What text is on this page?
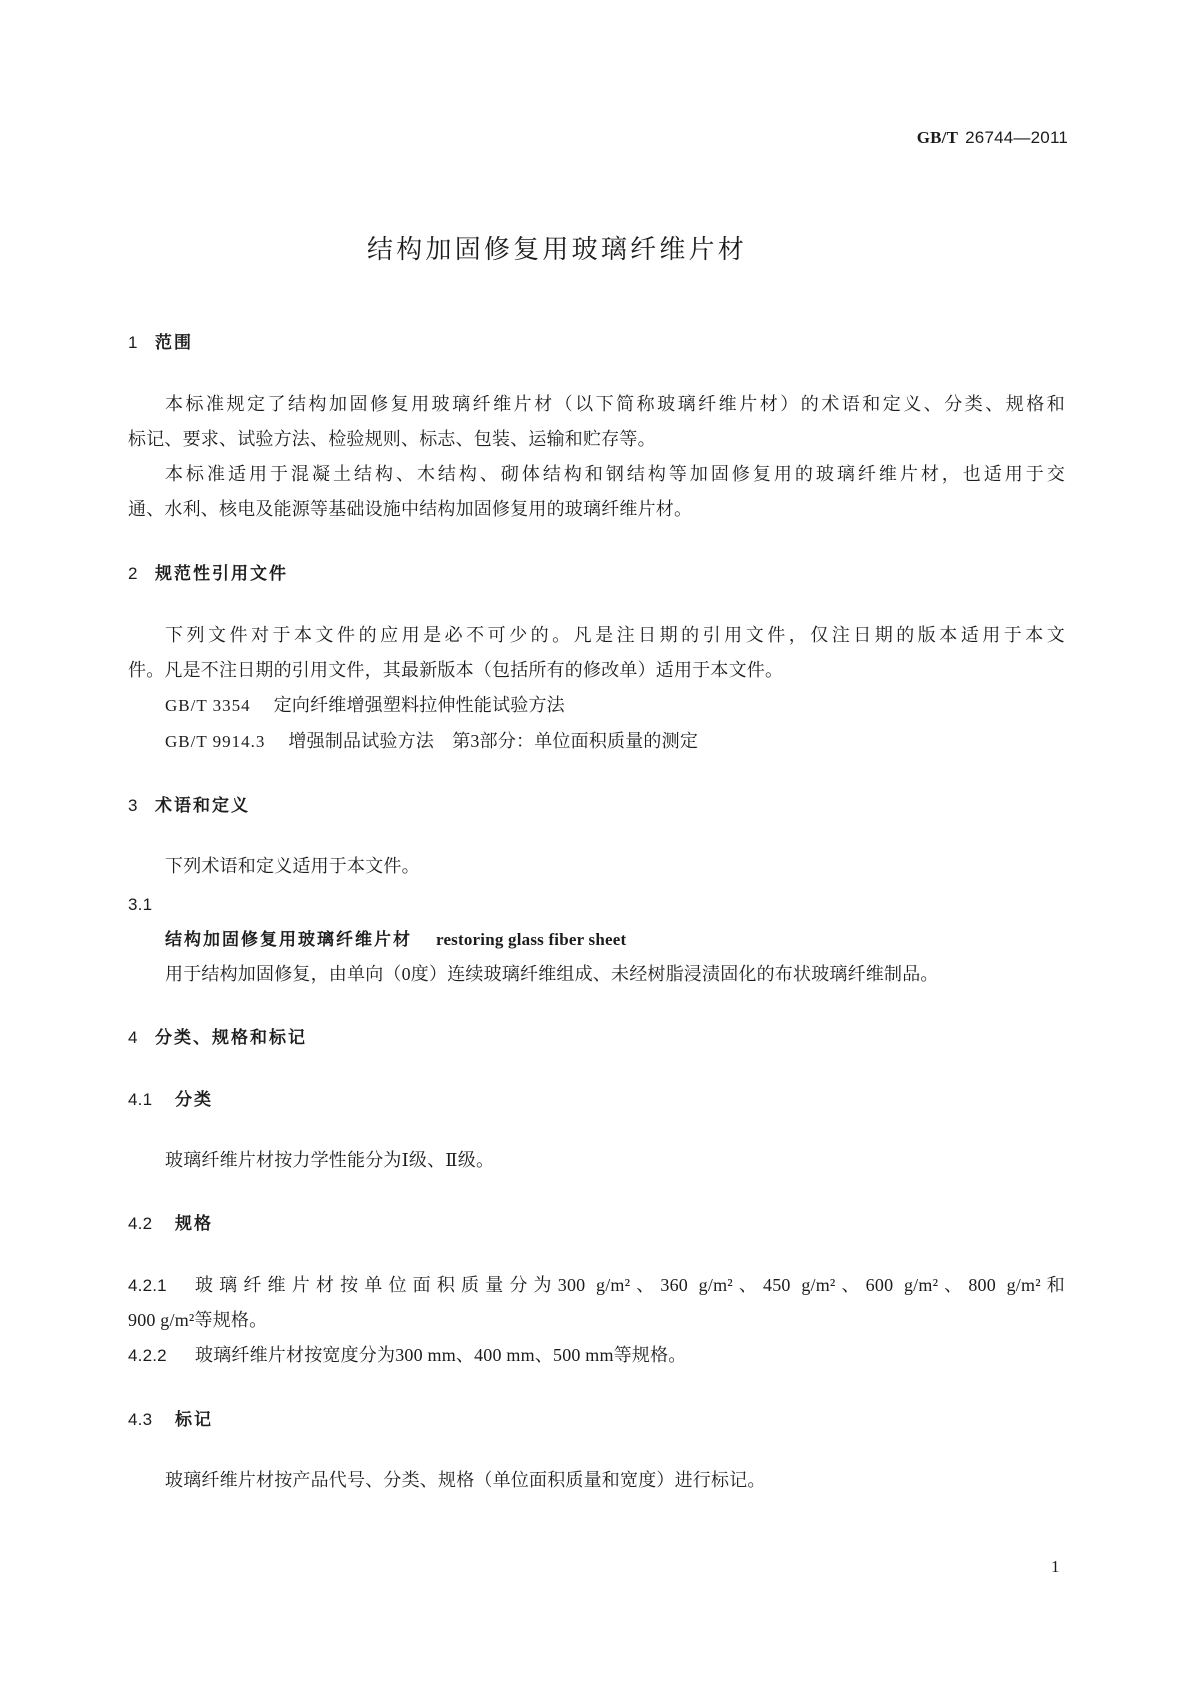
GB/T 26744—2011
结构加固修复用玻璃纤维片材
1 范围
本标准规定了结构加固修复用玻璃纤维片材（以下简称玻璃纤维片材）的术语和定义、分类、规格和
标记、要求、试验方法、检验规则、标志、包装、运输和贮存等。
本标准适用于混凝土结构、木结构、砌体结构和钢结构等加固修复用的玻璃纤维片材，也适用于交
通、水利、核电及能源等基础设施中结构加固修复用的玻璃纤维片材。
2 规范性引用文件
下列文件对于本文件的应用是必不可少的。凡是注日期的引用文件，仅注日期的版本适用于本文
件。凡是不注日期的引用文件，其最新版本（包括所有的修改单）适用于本文件。
GB/T 3354 定向纤维增强塑料拉伸性能试验方法
GB/T 9914.3 增强制品试验方法　第3部分：单位面积质量的测定
3 术语和定义
下列术语和定义适用于本文件。
3.1
结构加固修复用玻璃纤维片材 restoring glass fiber sheet
用于结构加固修复，由单向（0度）连续玻璃纤维组成、未经树脂浸渍固化的布状玻璃纤维制品。
4 分类、规格和标记
4.1 分类
玻璃纤维片材按力学性能分为Ⅰ级、Ⅱ级。
4.2 规格
4.2.1 玻璃纤维片材按单位面积质量分为300 g/m²、360 g/m²、450 g/m²、600 g/m²、800 g/m²和
900 g/m²等规格。
4.2.2 玻璃纤维片材按宽度分为300 mm、400 mm、500 mm等规格。
4.3 标记
玻璃纤维片材按产品代号、分类、规格（单位面积质量和宽度）进行标记。
1
